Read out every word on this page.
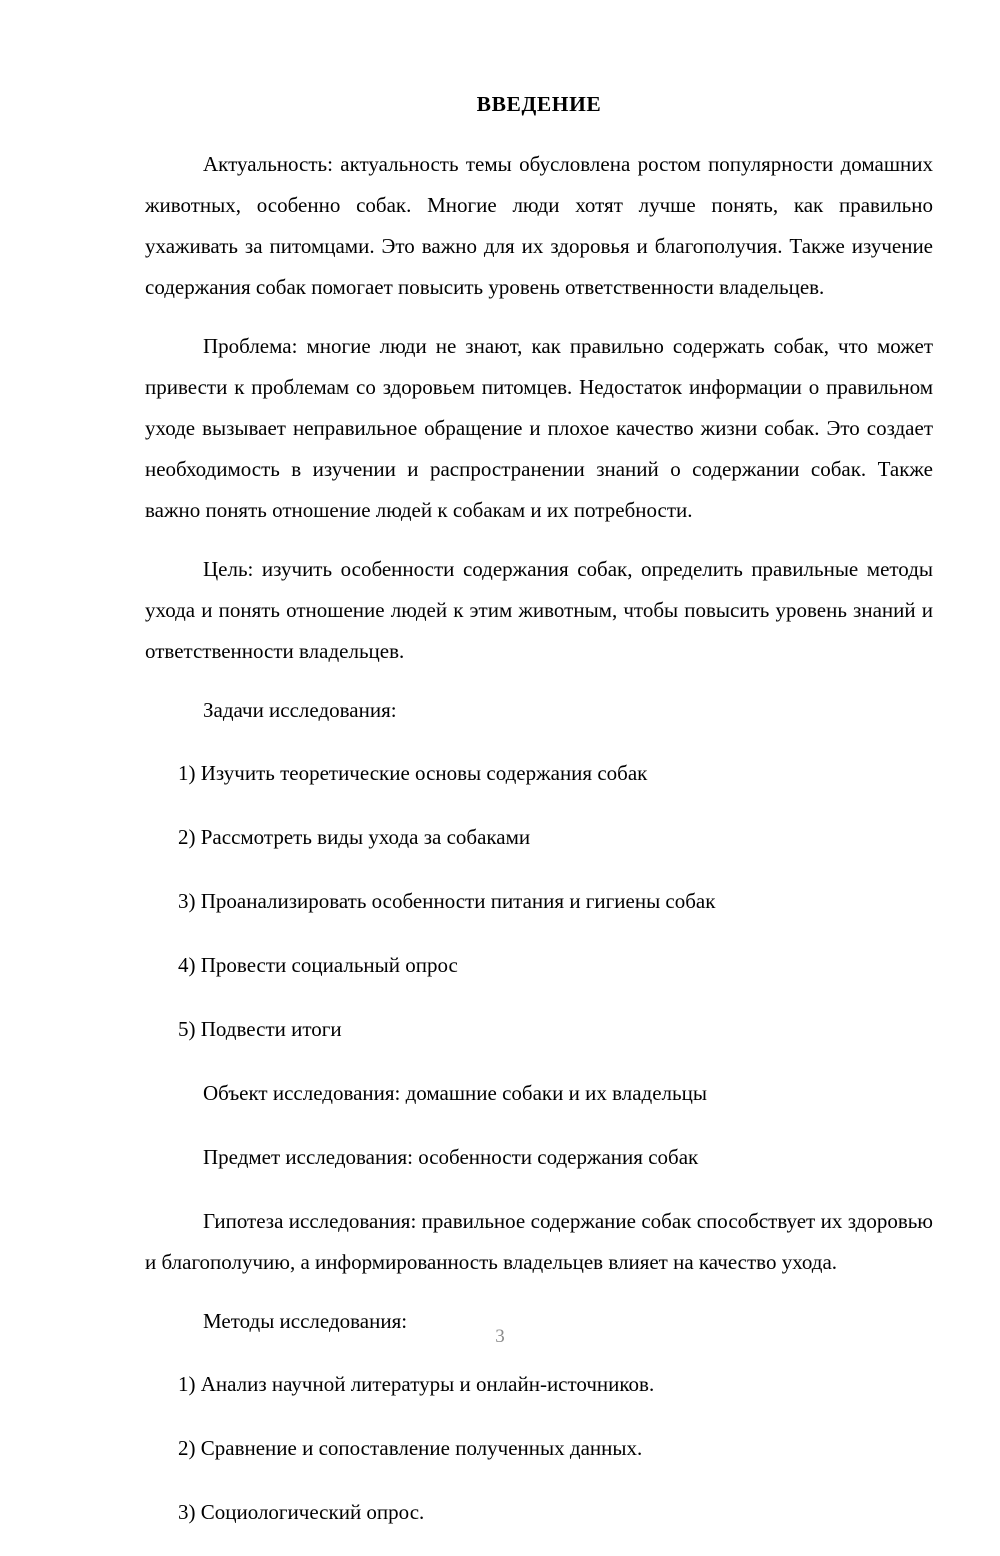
ВВЕДЕНИЕ

Актуальность: актуальность темы обусловлена ростом популярности домашних животных, особенно собак. Многие люди хотят лучше понять, как правильно ухаживать за питомцами. Это важно для их здоровья и благополучия. Также изучение содержания собак помогает повысить уровень ответственности владельцев.

Проблема: многие люди не знают, как правильно содержать собак, что может привести к проблемам со здоровьем питомцев. Недостаток информации о правильном уходе вызывает неправильное обращение и плохое качество жизни собак. Это создает необходимость в изучении и распространении знаний о содержании собак. Также важно понять отношение людей к собакам и их потребности.

Цель: изучить особенности содержания собак, определить правильные методы ухода и понять отношение людей к этим животным, чтобы повысить уровень знаний и ответственности владельцев.

Задачи исследования:

1) Изучить теоретические основы содержания собак

2) Рассмотреть виды ухода за собаками

3) Проанализировать особенности питания и гигиены собак

4) Провести социальный опрос

5) Подвести итоги

Объект исследования: домашние собаки и их владельцы

Предмет исследования: особенности содержания собак

Гипотеза исследования: правильное содержание собак способствует их здоровью и благополучию, а информированность владельцев влияет на качество ухода.

Методы исследования:

1) Анализ научной литературы и онлайн-источников.

2) Сравнение и сопоставление полученных данных.

3) Социологический опрос.

3
